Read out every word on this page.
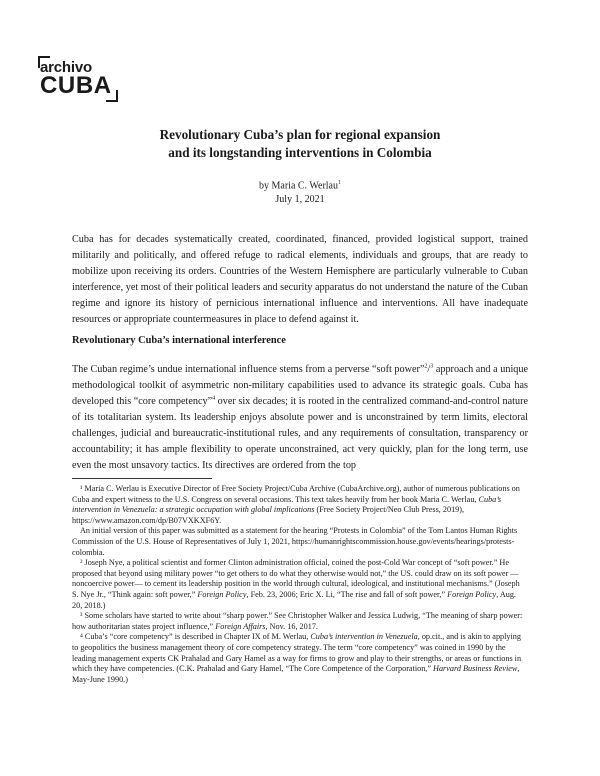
archivo
CUBA
Revolutionary Cuba’s plan for regional expansion
and its longstanding interventions in Colombia
by Maria C. Werlau$^1$
July 1, 2021

Cuba has for decades systematically created, coordinated, financed, provided logistical support, trained militarily and politically, and offered refuge to radical elements, individuals and groups, that are ready to mobilize upon receiving its orders. Countries of the Western Hemisphere are particularly vulnerable to Cuban interference, yet most of their political leaders and security apparatus do not understand the nature of the Cuban regime and ignore its history of pernicious international influence and interventions. All have inadequate resources or appropriate countermeasures in place to defend against it.

Revolutionary Cuba’s international interference

The Cuban regime’s undue international influence stems from a perverse “soft power”$^2$/$^3$ approach and a unique methodological toolkit of asymmetric non-military capabilities used to advance its strategic goals. Cuba has developed this “core competency”$^4$ over six decades; it is rooted in the centralized command-and-control nature of its totalitarian system. Its leadership enjoys absolute power and is unconstrained by term limits, electoral challenges, judicial and bureaucratic-institutional rules, and any requirements of consultation, transparency or accountability; it has ample flexibility to operate unconstrained, act very quickly, plan for the long term, use even the most unsavory tactics. Its directives are ordered from the top

¹ Maria C. Werlau is Executive Director of Free Society Project/Cuba Archive (CubaArchive.org), author of numerous publications on Cuba and expert witness to the U.S. Congress on several occasions. This text takes heavily from her book Maria C. Werlau, Cuba’s intervention in Venezuela: a strategic occupation with global implications (Free Society Project/Neo Club Press, 2019), https://www.amazon.com/dp/B07VXKXF6Y.

An initial version of this paper was submitted as a statement for the hearing “Protests in Colombia” of the Tom Lantos Human Rights Commission of the U.S. House of Representatives of July 1, 2021, https://humanrightscommission.house.gov/events/hearings/protests-colombia.

² Joseph Nye, a political scientist and former Clinton administration official, coined the post-Cold War concept of “soft power.” He proposed that beyond using military power “to get others to do what they otherwise would not,” the US. could draw on its soft power —noncoercive power— to cement its leadership position in the world through cultural, ideological, and institutional mechanisms.” (Joseph S. Nye Jr., “Think again: soft power,” Foreign Policy, Feb. 23, 2006; Eric X. Li, “The rise and fall of soft power,” Foreign Policy, Aug. 20, 2018.)

³ Some scholars have started to write about “sharp power.” See Christopher Walker and Jessica Ludwig, “The meaning of sharp power: how authoritarian states project influence,” Foreign Affairs, Nov. 16, 2017.

⁴ Cuba’s “core competency” is described in Chapter IX of M. Werlau, Cuba’s intervention in Venezuela, op.cit., and is akin to applying to geopolitics the business management theory of core competency strategy. The term “core competency” was coined in 1990 by the leading management experts CK Prahalad and Gary Hamel as a way for firms to grow and play to their strengths, or areas or functions in which they have competencies. (C.K. Prahalad and Gary Hamel, “The Core Competence of the Corporation,” Harvard Business Review, May-June 1990.)
